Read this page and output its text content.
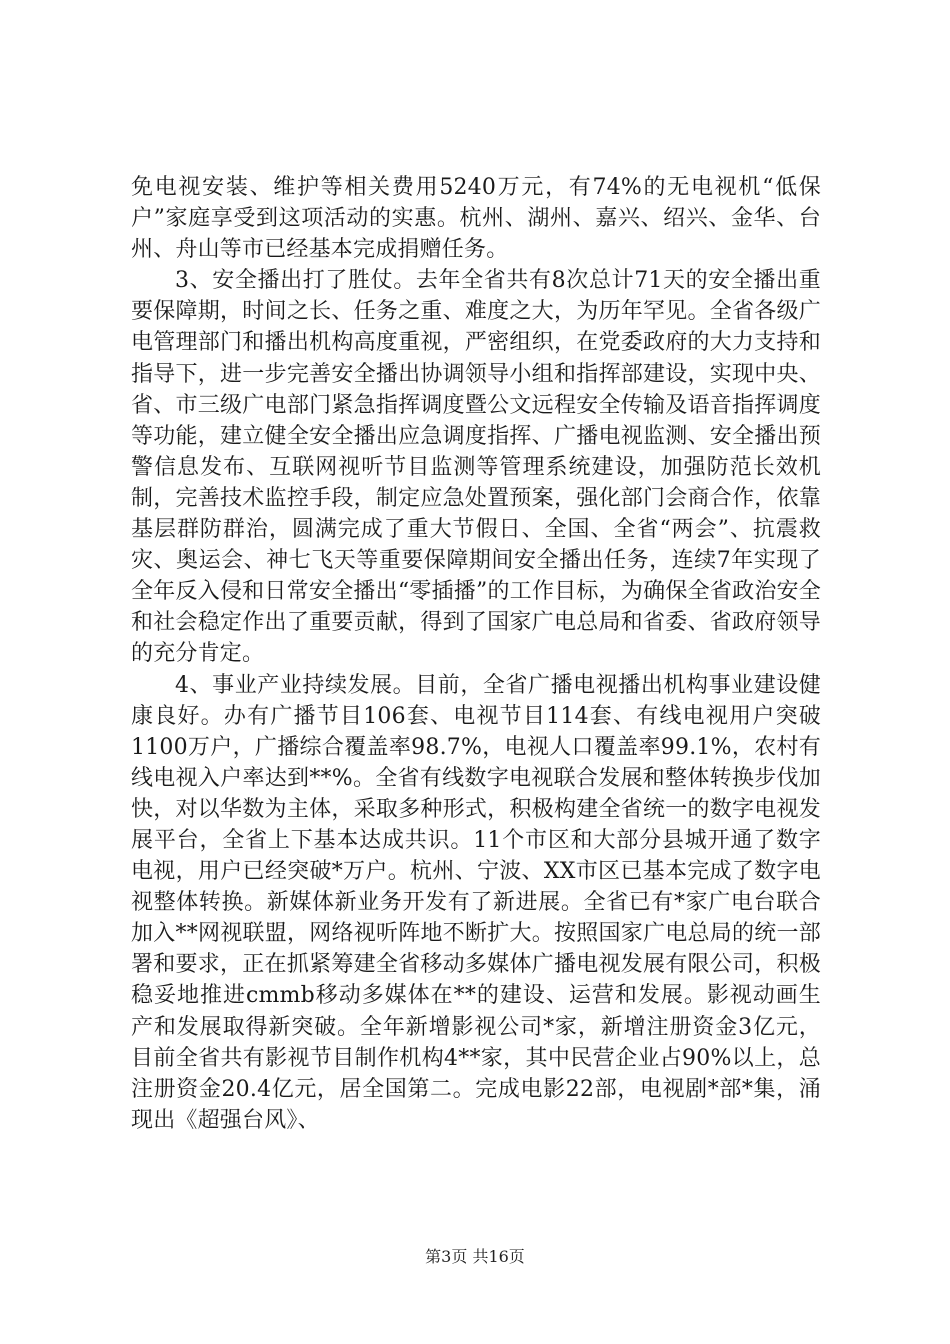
免电视安装、维护等相关费用5240万元，有74%的无电视机“低保户”家庭享受到这项活动的实惠。杭州、湖州、嘉兴、绍兴、金华、台州、舟山等市已经基本完成捐赠任务。

3、安全播出打了胜仗。去年全省共有8次总计71天的安全播出重要保障期，时间之长、任务之重、难度之大，为历年罕见。全省各级广电管理部门和播出机构高度重视，严密组织，在党委政府的大力支持和指导下，进一步完善安全播出协调领导小组和指挥部建设，实现中央、省、市三级广电部门紧急指挥调度暨公文远程安全传输及语音指挥调度等功能，建立健全安全播出应急调度指挥、广播电视监测、安全播出预警信息发布、互联网视听节目监测等管理系统建设，加强防范长效机制，完善技术监控手段，制定应急处置预案，强化部门会商合作，依靠基层群防群治，圆满完成了重大节假日、全国、全省“两会”、抗震救灾、奥运会、神七飞天等重要保障期间安全播出任务，连续7年实现了全年反入侵和日常安全播出“零插播”的工作目标，为确保全省政治安全和社会稳定作出了重要贡献，得到了国家广电总局和省委、省政府领导的充分肯定。

4、事业产业持续发展。目前，全省广播电视播出机构事业建设健康良好。办有广播节目106套、电视节目114套、有线电视用户突破1100万户，广播综合覆盖率98.7%，电视人口覆盖率99.1%，农村有线电视入户率达到**%。全省有线数字电视联合发展和整体转换步伐加快，对以华数为主体，采取多种形式，积极构建全省统一的数字电视发展平台，全省上下基本达成共识。11个市区和大部分县城开通了数字电视，用户已经突破*万户。杭州、宁波、XX市区已基本完成了数字电视整体转换。新媒体新业务开发有了新进展。全省已有*家广电台联合加入**网视联盟，网络视听阵地不断扩大。按照国家广电总局的统一部署和要求，正在抓紧筹建全省移动多媒体广播电视发展有限公司，积极稳妥地推进cmmb移动多媒体在**的建设、运营和发展。影视动画生产和发展取得新突破。全年新增影视公司*家，新增注册资金3亿元，目前全省共有影视节目制作机构4**家，其中民营企业占90%以上，总注册资金20.4亿元，居全国第二。完成电影22部，电视剧*部*集，涌现出《超强台风》、

第3页 共16页
